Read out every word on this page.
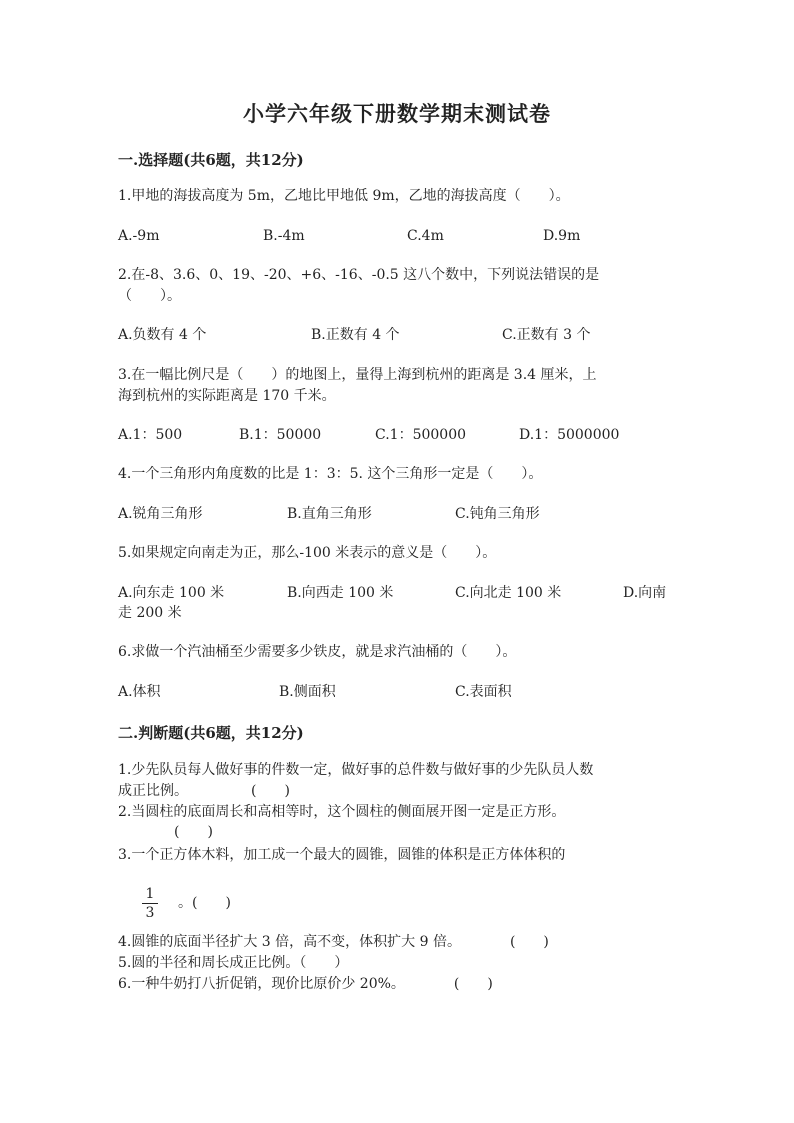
小学六年级下册数学期末测试卷
一.选择题(共6题，共12分)
1.甲地的海拔高度为 5m，乙地比甲地低 9m，乙地的海拔高度（　　）。
A.-9m	B.-4m	C.4m	D.9m
2.在-8、3.6、0、19、-20、+6、-16、-0.5 这八个数中，下列说法错误的是
（　　）。
A.负数有 4 个	B.正数有 4 个	C.正数有 3 个
3.在一幅比例尺是（　　）的地图上，量得上海到杭州的距离是 3.4 厘米，上
海到杭州的实际距离是 170 千米。
A.1：500	B.1：50000	C.1：500000	D.1：5000000
4.一个三角形内角度数的比是 1：3：5. 这个三角形一定是（　　）。
A.锐角三角形	B.直角三角形	C.钝角三角形
5.如果规定向南走为正，那么-100 米表示的意义是（　　）。
A.向东走 100 米	B.向西走 100 米	C.向北走 100 米	D.向南
走 200 米
6.求做一个汽油桶至少需要多少铁皮，就是求汽油桶的（　　）。
A.体积	B.侧面积	C.表面积
二.判断题(共6题，共12分)
1.少先队员每人做好事的件数一定，做好事的总件数与做好事的少先队员人数
成正比例。　　　　　(　　)
2.当圆柱的底面周长和高相等时，这个圆柱的侧面展开图一定是正方形。
　　　　(　　)
3.一个正方体木料，加工成一个最大的圆锥，圆锥的体积是正方体体积的
1
3
　　。(　　)
4.圆锥的底面半径扩大 3 倍，高不变，体积扩大 9 倍。　　　　(　　)
5.圆的半径和周长成正比例。（　　）
6.一种牛奶打八折促销，现价比原价少 20%。　　　　(　　)
